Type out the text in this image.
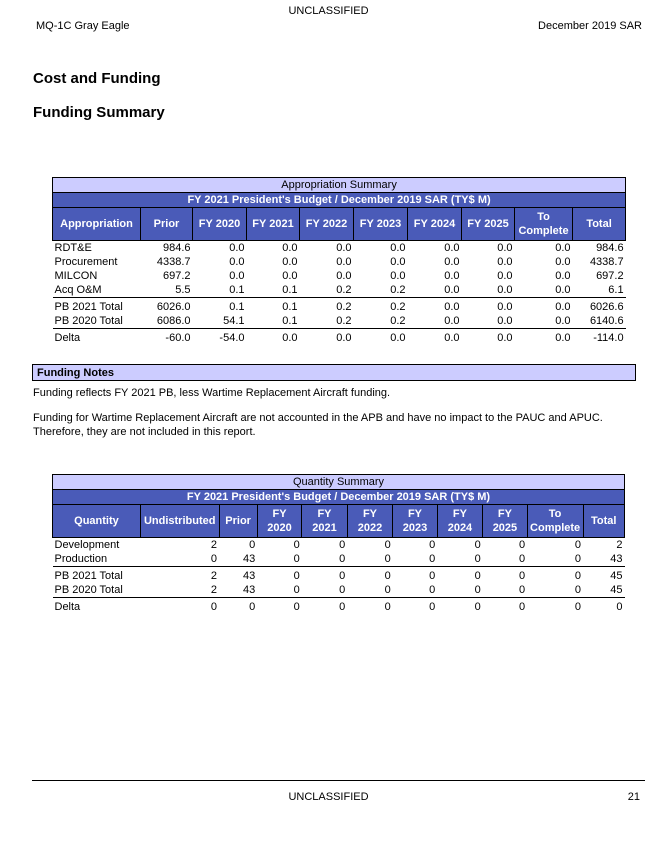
UNCLASSIFIED
MQ-1C Gray Eagle	December 2019 SAR
Cost and Funding
Funding Summary
Appropriation Summary									
FY 2021 President's Budget / December 2019 SAR (TY$ M)									
Appropriation	Prior	FY 2020	FY 2021	FY 2022	FY 2023	FY 2024	FY 2025	To Complete	Total
RDT&E	984.6	0.0	0.0	0.0	0.0	0.0	0.0	0.0	984.6
Procurement	4338.7	0.0	0.0	0.0	0.0	0.0	0.0	0.0	4338.7
MILCON	697.2	0.0	0.0	0.0	0.0	0.0	0.0	0.0	697.2
Acq O&M	5.5	0.1	0.1	0.2	0.2	0.0	0.0	0.0	6.1
PB 2021 Total	6026.0	0.1	0.1	0.2	0.2	0.0	0.0	0.0	6026.6
PB 2020 Total	6086.0	54.1	0.1	0.2	0.2	0.0	0.0	0.0	6140.6
Delta	-60.0	-54.0	0.0	0.0	0.0	0.0	0.0	0.0	-114.0
Funding Notes
Funding reflects FY 2021 PB, less Wartime Replacement Aircraft funding.
Funding for Wartime Replacement Aircraft are not accounted in the APB and have no impact to the PAUC and APUC. Therefore, they are not included in this report.
Quantity Summary										
FY 2021 President's Budget / December 2019 SAR (TY$ M)										
Quantity	Undistributed	Prior	FY 2020	FY 2021	FY 2022	FY 2023	FY 2024	FY 2025	To Complete	Total
Development	2	0	0	0	0	0	0	0	0	2
Production	0	43	0	0	0	0	0	0	0	43
PB 2021 Total	2	43	0	0	0	0	0	0	0	45
PB 2020 Total	2	43	0	0	0	0	0	0	0	45
Delta	0	0	0	0	0	0	0	0	0	0
UNCLASSIFIED	21
